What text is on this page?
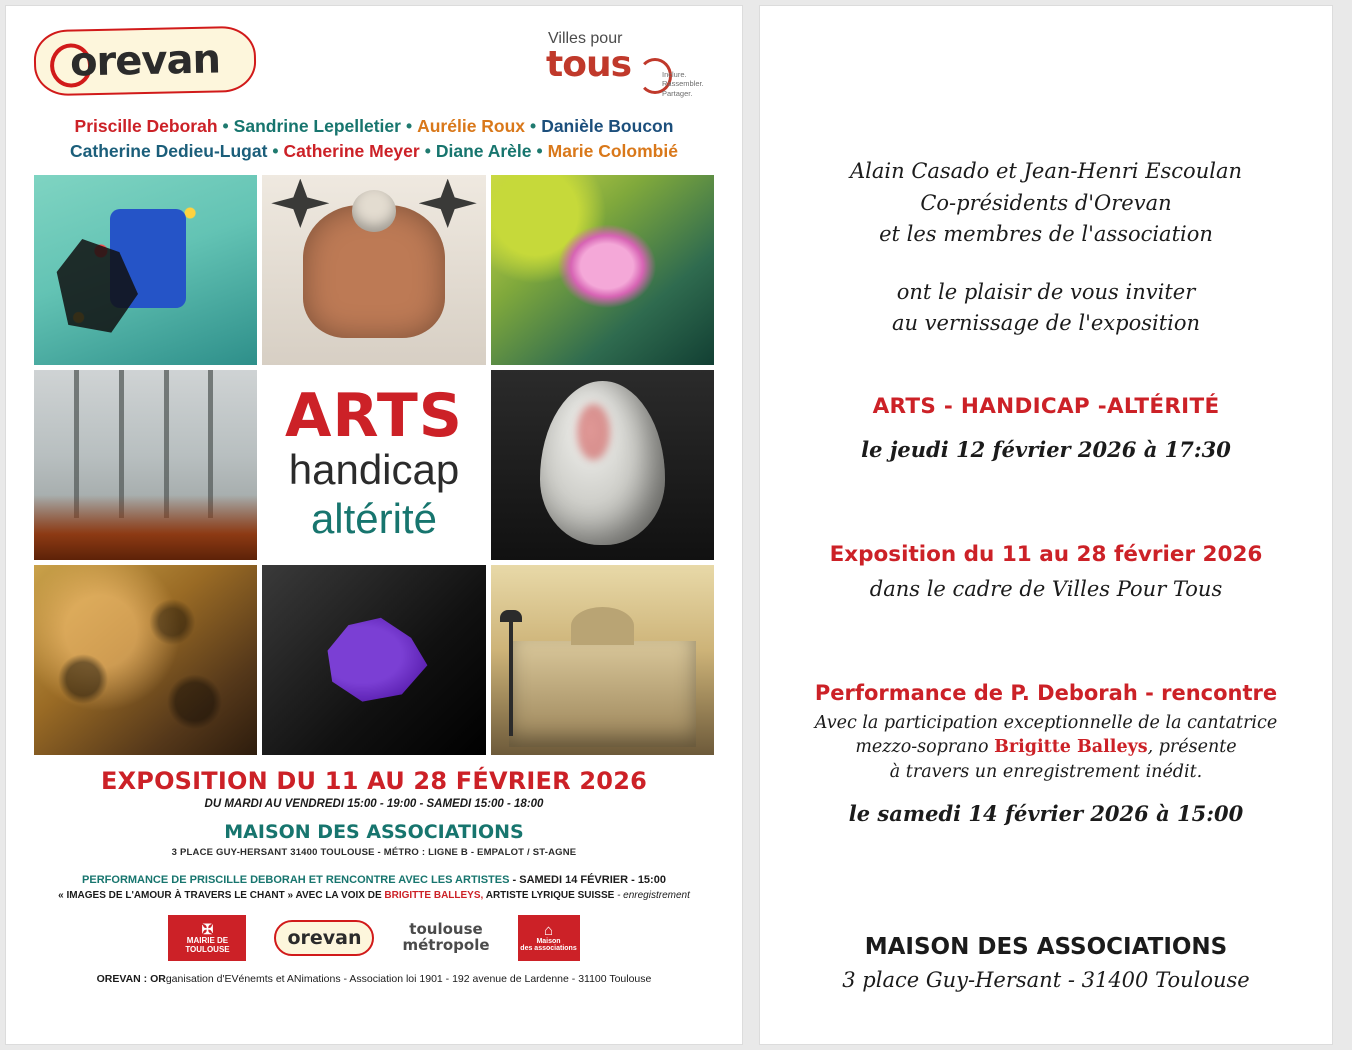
orevan	Villes pour
tous	Inclure. Rassembler. Partager.
Priscille Deborah • Sandrine Lepelletier • Aurélie Roux • Danièle Boucon
Catherine Dedieu-Lugat • Catherine Meyer • Diane Arèle • Marie Colombié
ARTS
handicap
altérité
EXPOSITION DU 11 AU 28 FÉVRIER 2026
DU MARDI AU VENDREDI 15:00 - 19:00 - SAMEDI 15:00 - 18:00
MAISON DES ASSOCIATIONS
3 PLACE GUY-HERSANT 31400 TOULOUSE - MÉTRO : LIGNE B - EMPALOT / ST-AGNE
PERFORMANCE DE PRISCILLE DEBORAH ET RENCONTRE AVEC LES ARTISTES - SAMEDI 14 FÉVRIER - 15:00
« IMAGES DE L'AMOUR À TRAVERS LE CHANT » AVEC LA VOIX DE BRIGITTE BALLEYS, ARTISTE LYRIQUE SUISSE - enregistrement
✠
MAIRIE DE
TOULOUSE
orevan	toulouse
métropole
⌂
Maison
des associations
OREVAN : ORganisation d'EVénemts et ANimations - Association loi 1901 - 192 avenue de Lardenne - 31100 Toulouse
Alain Casado et Jean-Henri Escoulan
Co-présidents d'Orevan
et les membres de l'association
ont le plaisir de vous inviter
au vernissage de l'exposition
ARTS - HANDICAP -ALTÉRITÉ
le jeudi 12 février 2026 à 17:30
Exposition du 11 au 28 février 2026
dans le cadre de Villes Pour Tous
Performance de P. Deborah - rencontre
Avec la participation exceptionnelle de la cantatrice
mezzo-soprano Brigitte Balleys, présente
à travers un enregistrement inédit.
le samedi 14 février 2026 à 15:00
MAISON DES ASSOCIATIONS
3 place Guy-Hersant - 31400 Toulouse
